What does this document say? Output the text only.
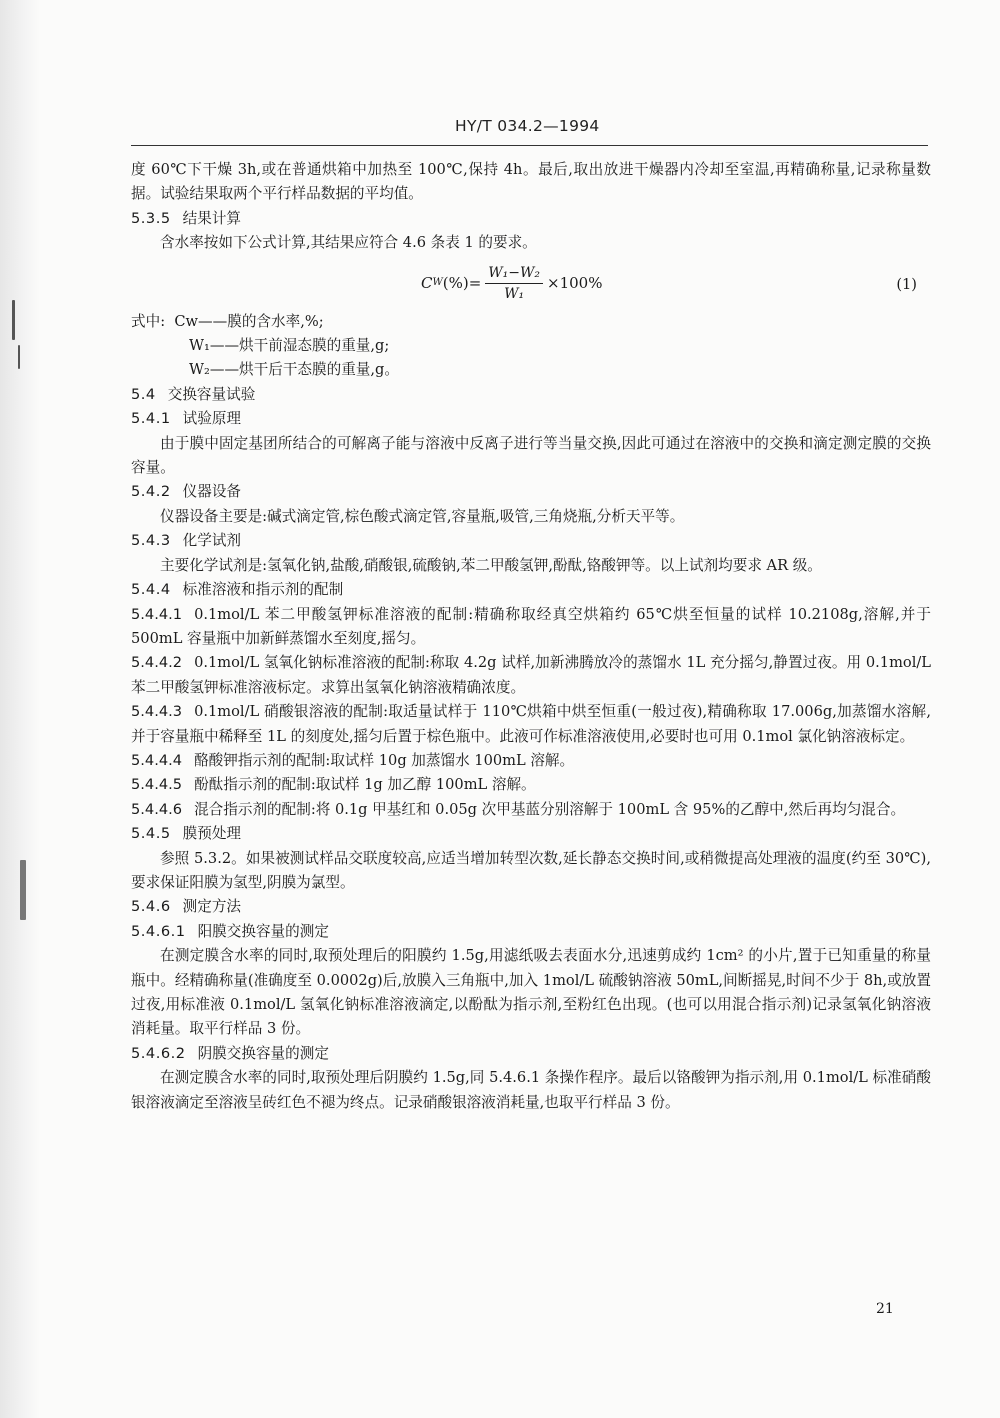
HY/T 034.2—1994

度 60℃下干燥 3h,或在普通烘箱中加热至 100℃,保持 4h。最后,取出放进干燥器内冷却至室温,再精确称量,记录称量数据。试验结果取两个平行样品数据的平均值。

5.3.5 结果计算

含水率按如下公式计算,其结果应符合 4.6 条表 1 的要求。

C W (%)= $\frac{\text{W₁−W₂}}{\text{W₁}} \times 100\%$	(1)

式中: Cw——膜的含水率,%;

W₁——烘干前湿态膜的重量,g;

W₂——烘干后干态膜的重量,g。

5.4 交换容量试验

5.4.1 试验原理

由于膜中固定基团所结合的可解离子能与溶液中反离子进行等当量交换,因此可通过在溶液中的交换和滴定测定膜的交换容量。

5.4.2 仪器设备

仪器设备主要是:碱式滴定管,棕色酸式滴定管,容量瓶,吸管,三角烧瓶,分析天平等。

5.4.3 化学试剂

主要化学试剂是:氢氧化钠,盐酸,硝酸银,硫酸钠,苯二甲酸氢钾,酚酞,铬酸钾等。以上试剂均要求 AR 级。

5.4.4 标准溶液和指示剂的配制

5.4.4.1 0.1mol/L 苯二甲酸氢钾标准溶液的配制:精确称取经真空烘箱约 65℃烘至恒量的试样 10.2108g,溶解,并于 500mL 容量瓶中加新鲜蒸馏水至刻度,摇匀。

5.4.4.2 0.1mol/L 氢氧化钠标准溶液的配制:称取 4.2g 试样,加新沸腾放冷的蒸馏水 1L 充分摇匀,静置过夜。用 0.1mol/L 苯二甲酸氢钾标准溶液标定。求算出氢氧化钠溶液精确浓度。

5.4.4.3 0.1mol/L 硝酸银溶液的配制:取适量试样于 110℃烘箱中烘至恒重(一般过夜),精确称取 17.006g,加蒸馏水溶解,并于容量瓶中稀释至 1L 的刻度处,摇匀后置于棕色瓶中。此液可作标准溶液使用,必要时也可用 0.1mol 氯化钠溶液标定。

5.4.4.4 酪酸钾指示剂的配制:取试样 10g 加蒸馏水 100mL 溶解。

5.4.4.5 酚酞指示剂的配制:取试样 1g 加乙醇 100mL 溶解。

5.4.4.6 混合指示剂的配制:将 0.1g 甲基红和 0.05g 次甲基蓝分别溶解于 100mL 含 95%的乙醇中,然后再均匀混合。

5.4.5 膜预处理

参照 5.3.2。如果被测试样品交联度较高,应适当增加转型次数,延长静态交换时间,或稍微提高处理液的温度(约至 30℃),要求保证阳膜为氢型,阴膜为氯型。

5.4.6 测定方法

5.4.6.1 阳膜交换容量的测定

在测定膜含水率的同时,取预处理后的阳膜约 1.5g,用滤纸吸去表面水分,迅速剪成约 1cm² 的小片,置于已知重量的称量瓶中。经精确称量(准确度至 0.0002g)后,放膜入三角瓶中,加入 1mol/L 硫酸钠溶液 50mL,间断摇晃,时间不少于 8h,或放置过夜,用标准液 0.1mol/L 氢氧化钠标准溶液滴定,以酚酞为指示剂,至粉红色出现。(也可以用混合指示剂)记录氢氧化钠溶液消耗量。取平行样品 3 份。

5.4.6.2 阴膜交换容量的测定

在测定膜含水率的同时,取预处理后阴膜约 1.5g,同 5.4.6.1 条操作程序。最后以铬酸钾为指示剂,用 0.1mol/L 标准硝酸银溶液滴定至溶液呈砖红色不褪为终点。记录硝酸银溶液消耗量,也取平行样品 3 份。

21
